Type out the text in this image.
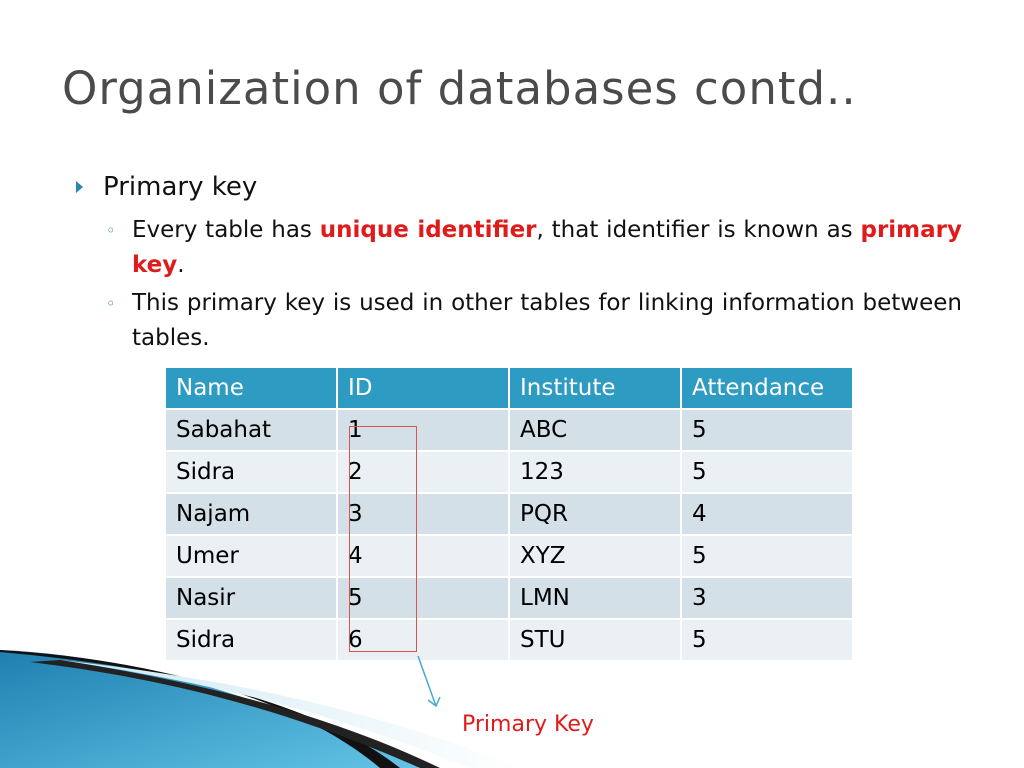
Organization of databases contd..
Primary key
◦ Every table has unique identifier, that identifier is known as primary key.
◦ This primary key is used in other tables for linking information between tables.
Name	ID	Institute	Attendance
Sabahat	1	ABC	5
Sidra	2	123	5
Najam	3	PQR	4
Umer	4	XYZ	5
Nasir	5	LMN	3
Sidra	6	STU	5
Primary Key
